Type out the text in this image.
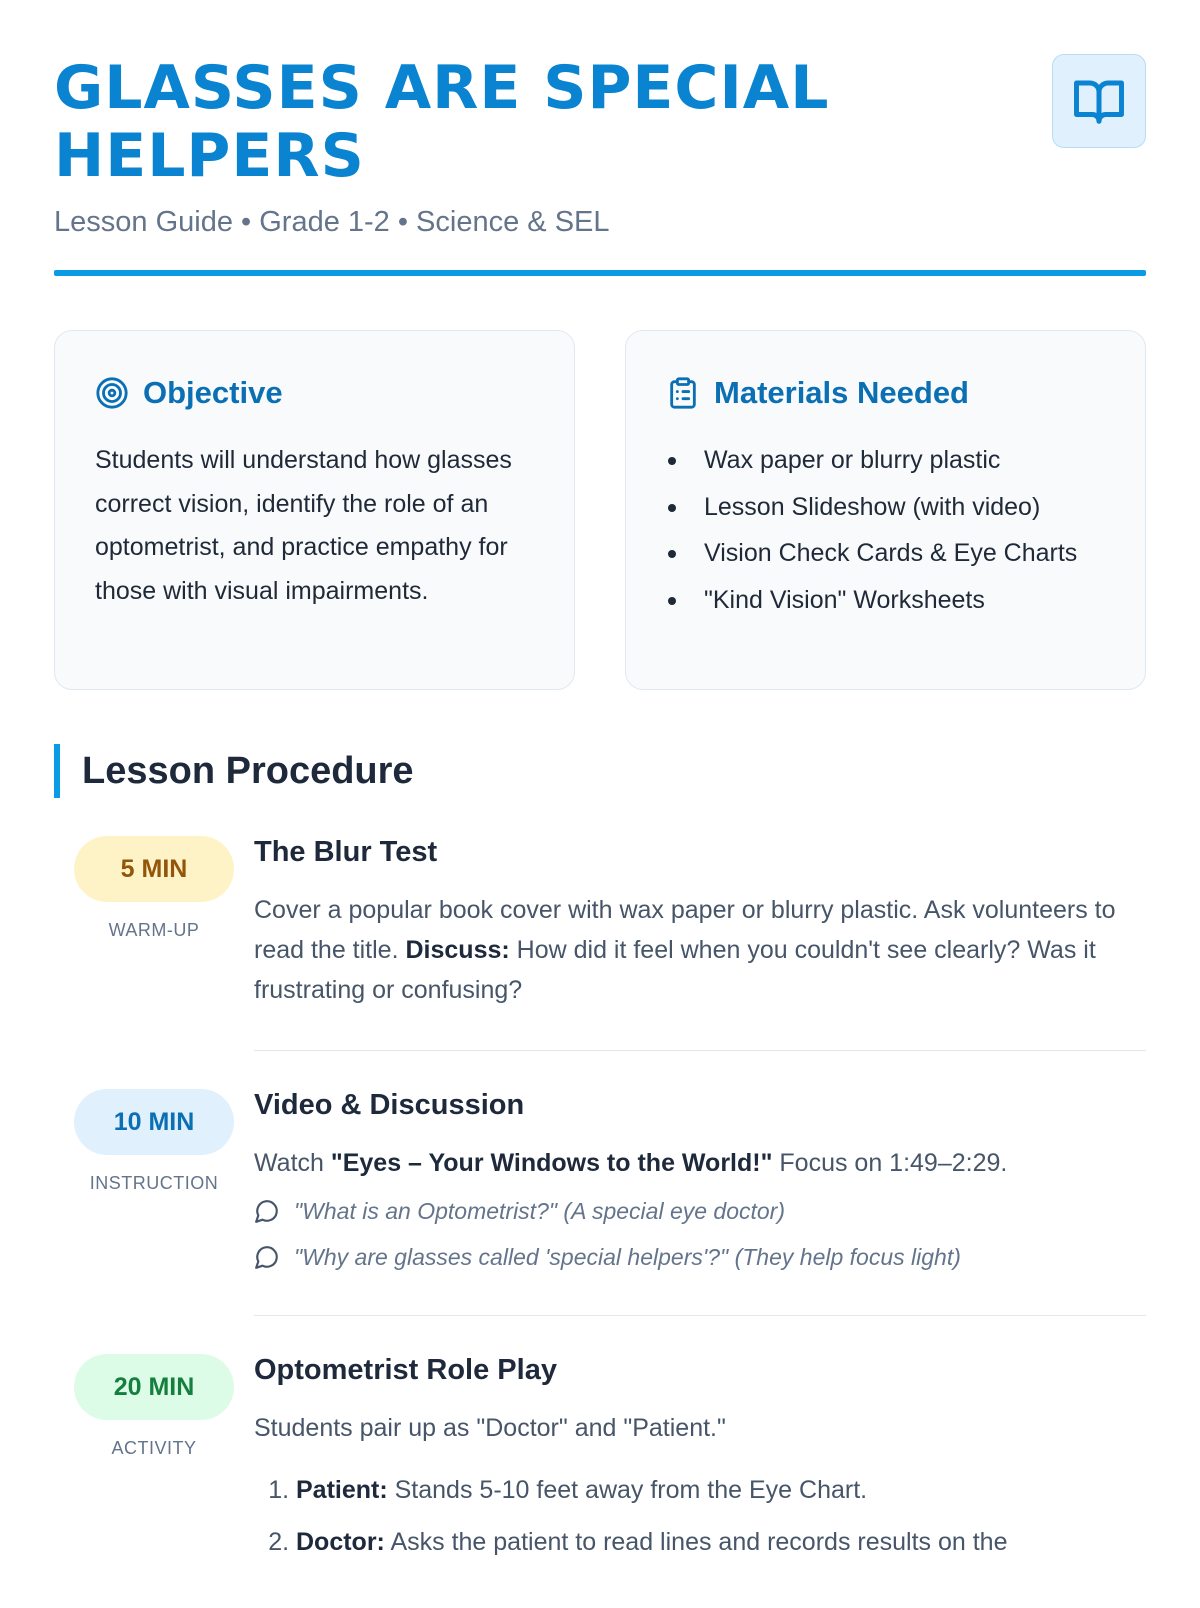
GLASSES ARE SPECIAL HELPERS
Lesson Guide • Grade 1-2 • Science & SEL
Objective
Students will understand how glasses correct vision, identify the role of an optometrist, and practice empathy for those with visual impairments.
Materials Needed
Wax paper or blurry plastic
Lesson Slideshow (with video)
Vision Check Cards & Eye Charts
"Kind Vision" Worksheets
Lesson Procedure
5 MIN
WARM-UP
The Blur Test
Cover a popular book cover with wax paper or blurry plastic. Ask volunteers to read the title. Discuss: How did it feel when you couldn't see clearly? Was it frustrating or confusing?
10 MIN
INSTRUCTION
Video & Discussion
Watch "Eyes – Your Windows to the World!" Focus on 1:49–2:29.
"What is an Optometrist?" (A special eye doctor)
"Why are glasses called 'special helpers'?" (They help focus light)
20 MIN
ACTIVITY
Optometrist Role Play
Students pair up as "Doctor" and "Patient."
1. Patient: Stands 5-10 feet away from the Eye Chart.
2. Doctor: Asks the patient to read lines and records results on the
